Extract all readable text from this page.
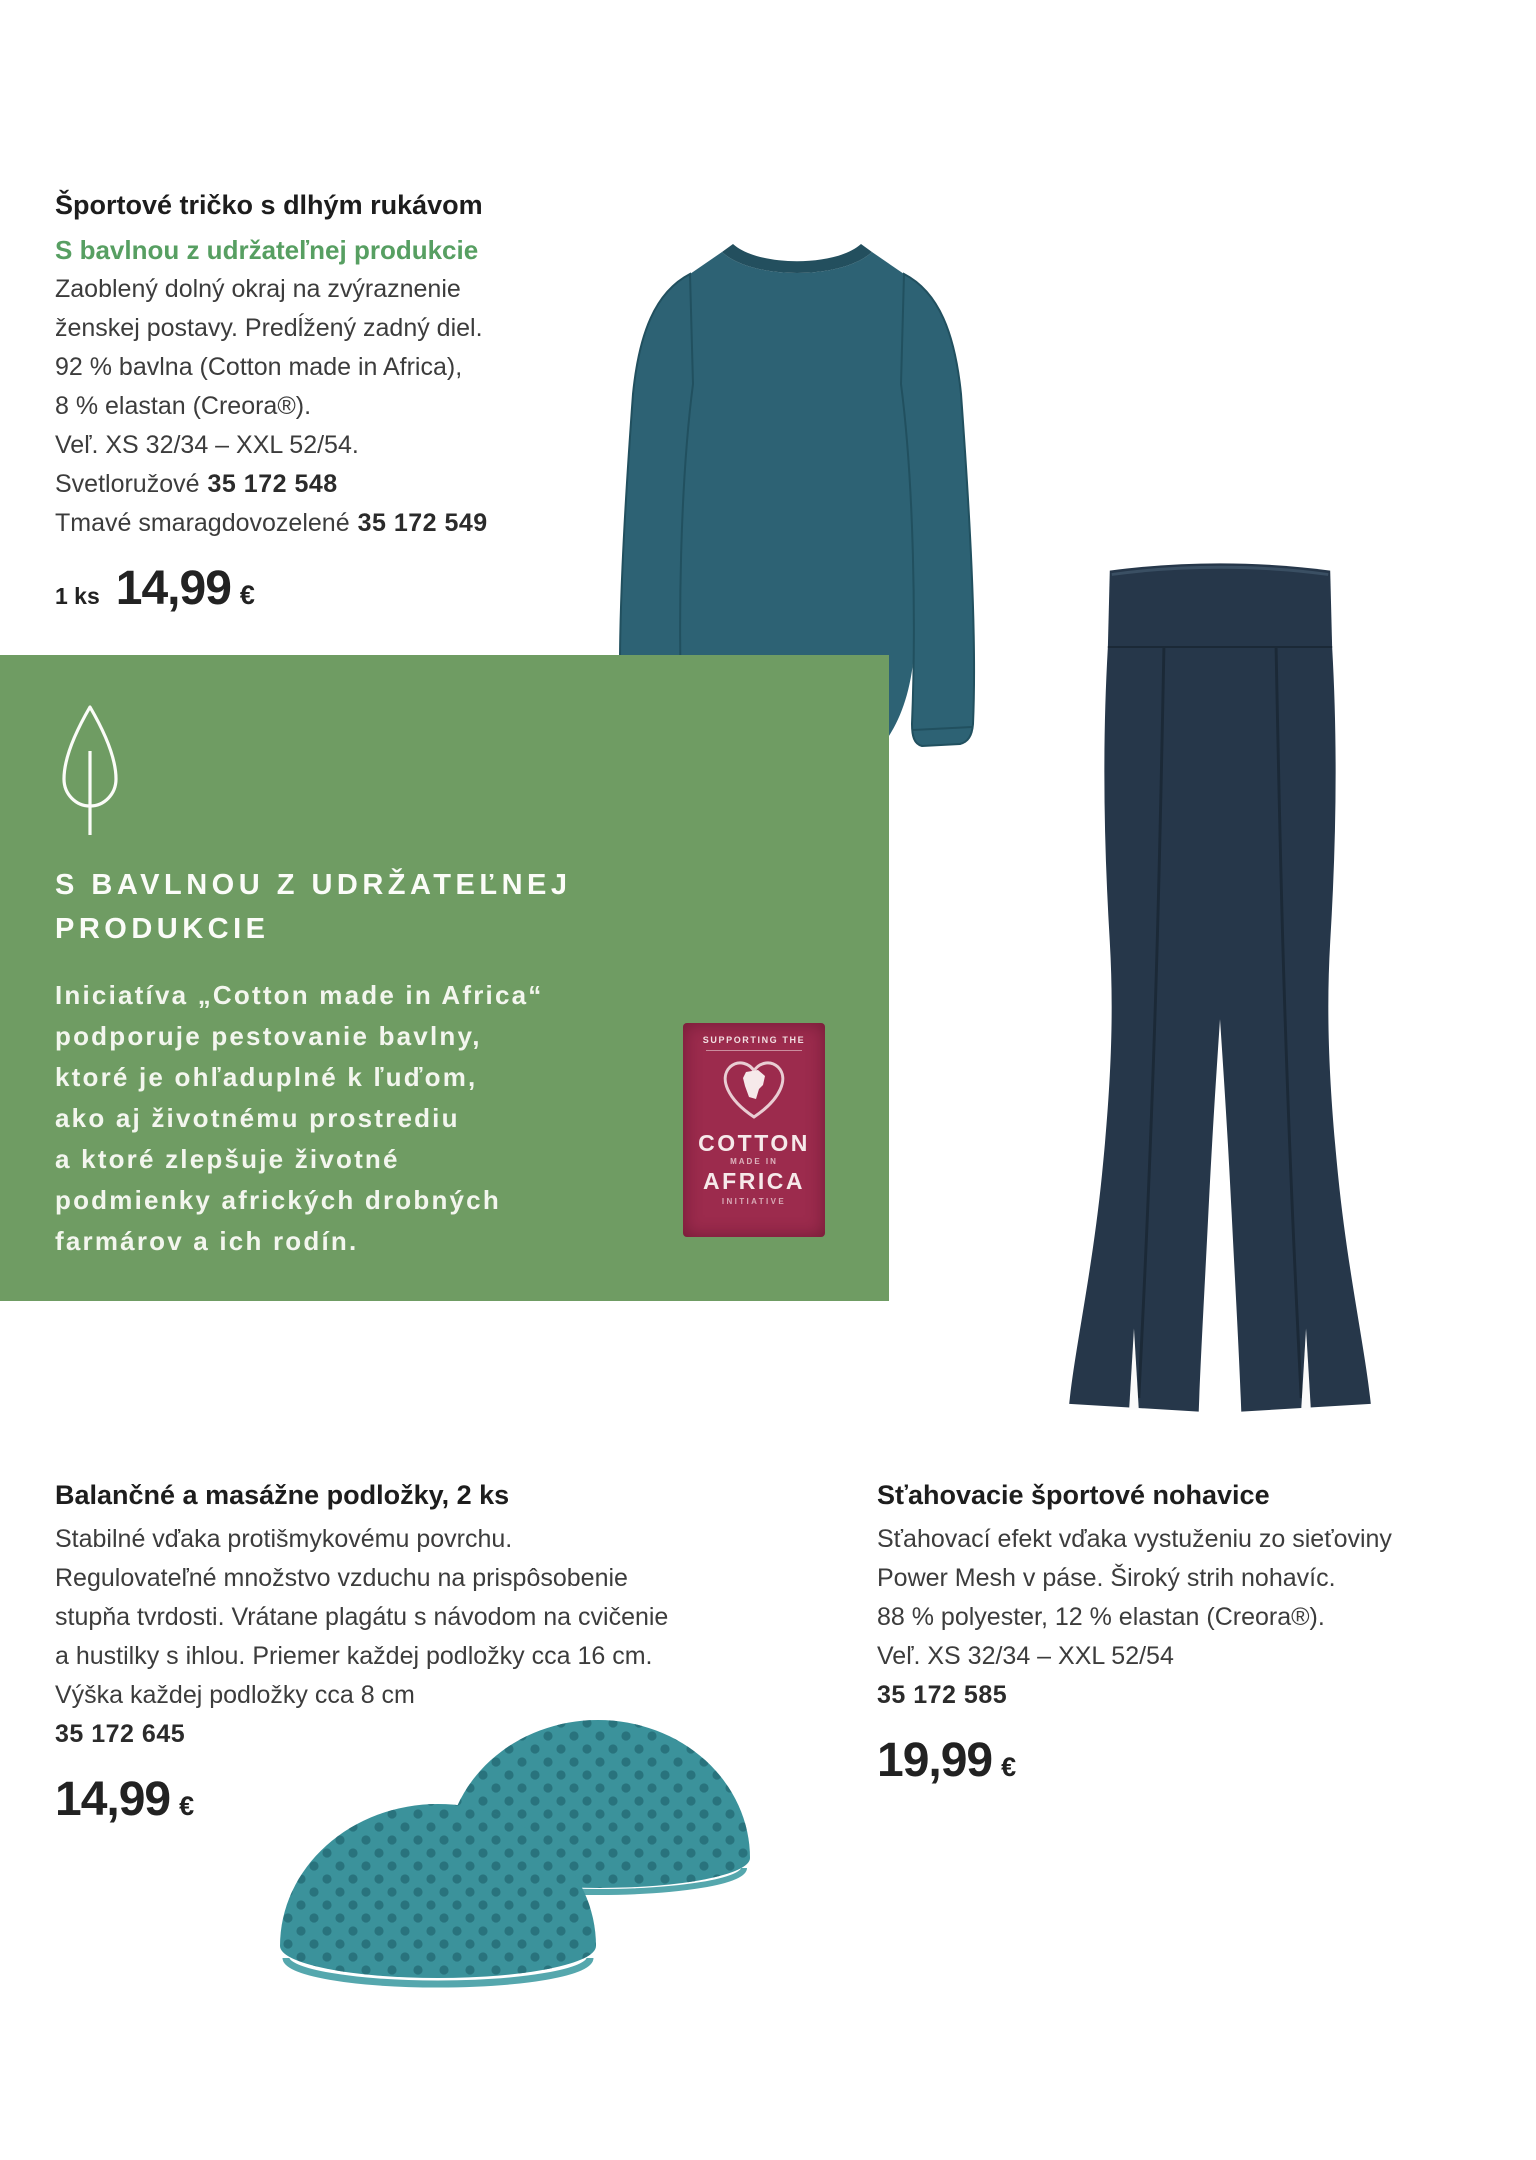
Športové tričko s dlhým rukávom
S bavlnou z udržateľnej produkcie
Zaoblený dolný okraj na zvýraznenie
ženskej postavy. Predĺžený zadný diel.
92 % bavlna (Cotton made in Africa),
8 % elastan (Creora®).
Veľ. XS 32/34 – XXL 52/54.
Svetloružové 35 172 548
Tmavé smaragdovozelené 35 172 549
1 ks 14,99 €
S BAVLNOU Z UDRŽATEĽNEJ
PRODUKCIE
Iniciatíva „Cotton made in Africa“
podporuje pestovanie bavlny,
ktoré je ohľaduplné k ľuďom,
ako aj životnému prostrediu
a ktoré zlepšuje životné
podmienky afrických drobných
farmárov a ich rodín.
SUPPORTING THE
COTTON
MADE IN
AFRICA
INITIATIVE
Balančné a masážne podložky, 2 ks
Stabilné vďaka protišmykovému povrchu.
Regulovateľné množstvo vzduchu na prispôsobenie
stupňa tvrdosti. Vrátane plagátu s návodom na cvičenie
a hustilky s ihlou. Priemer každej podložky cca 16 cm.
Výška každej podložky cca 8 cm
35 172 645
14,99 €
Sťahovacie športové nohavice
Sťahovací efekt vďaka vystuženiu zo sieťoviny
Power Mesh v páse. Široký strih nohavíc.
88 % polyester, 12 % elastan (Creora®).
Veľ. XS 32/34 – XXL 52/54
35 172 585
19,99 €
